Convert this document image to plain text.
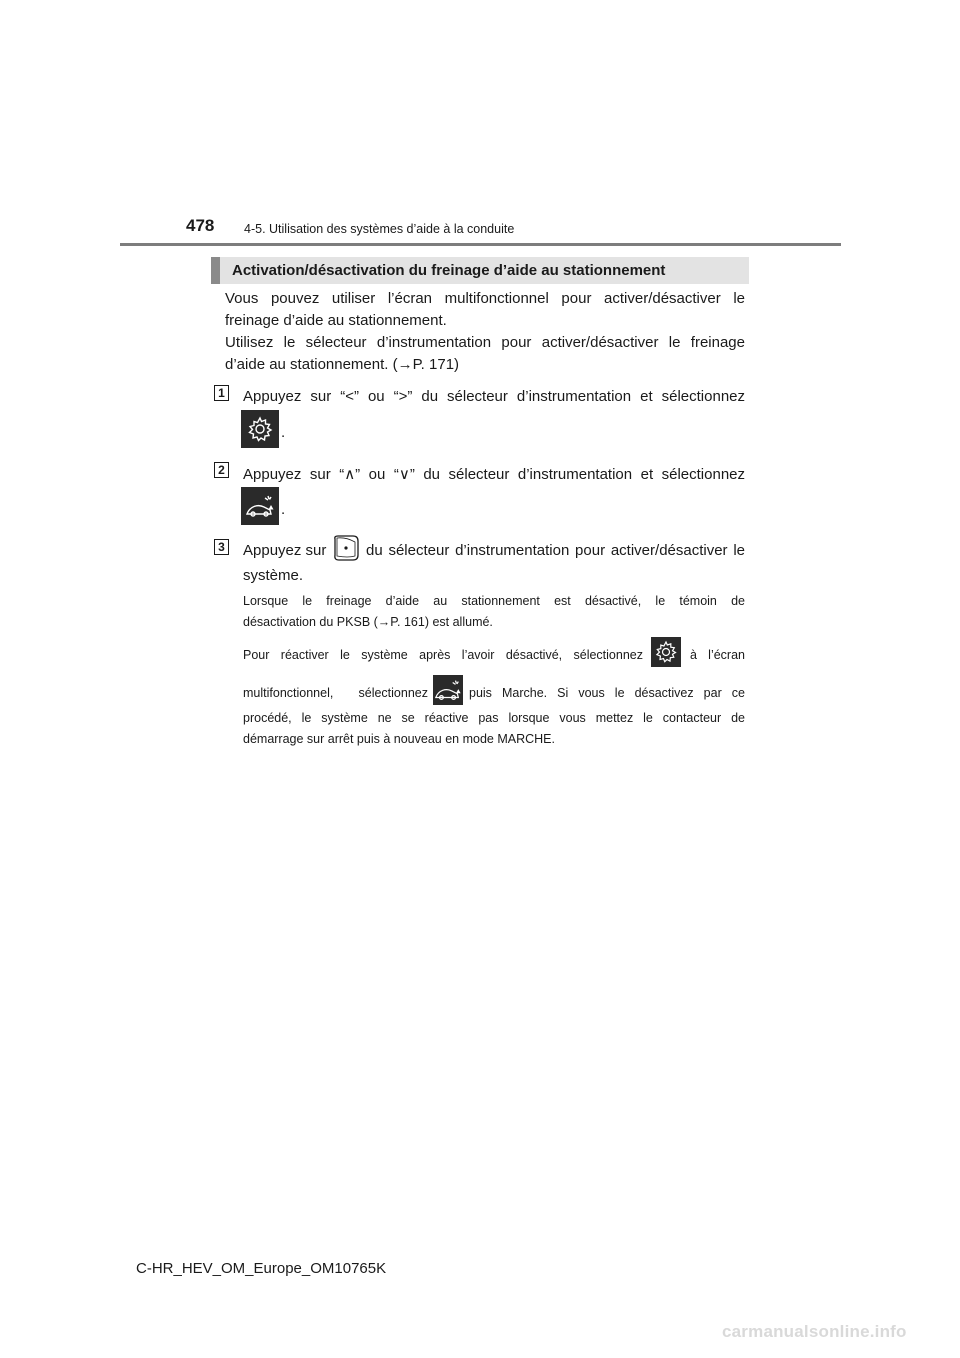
478 4-5. Utilisation des systèmes d’aide à la conduite
Activation/désactivation du freinage d’aide au stationnement
Vous pouvez utiliser l’écran multifonctionnel pour activer/désactiver le
freinage d’aide au stationnement.
Utilisez le sélecteur d’instrumentation pour activer/désactiver le freinage
d’aide au stationnement. (→P. 171)
1 Appuyez sur “<” ou “>” du sélecteur d’instrumentation et sélectionnez
.
2 Appuyez sur “∧” ou “∨” du sélecteur d’instrumentation et sélectionnez
.
3 Appuyez sur	du sélecteur d’instrumentation pour activer/désactiver le
système.
Lorsque le freinage d’aide au stationnement est désactivé, le témoin de
désactivation du PKSB (→P. 161) est allumé.
Pour réactiver le système après l’avoir désactivé, sélectionnez	à l’écran
multifonctionnel, sélectionnez	puis Marche. Si vous le désactivez par ce
procédé, le système ne se réactive pas lorsque vous mettez le contacteur de
démarrage sur arrêt puis à nouveau en mode MARCHE.
C-HR_HEV_OM_Europe_OM10765K
carmanualsonline.info
